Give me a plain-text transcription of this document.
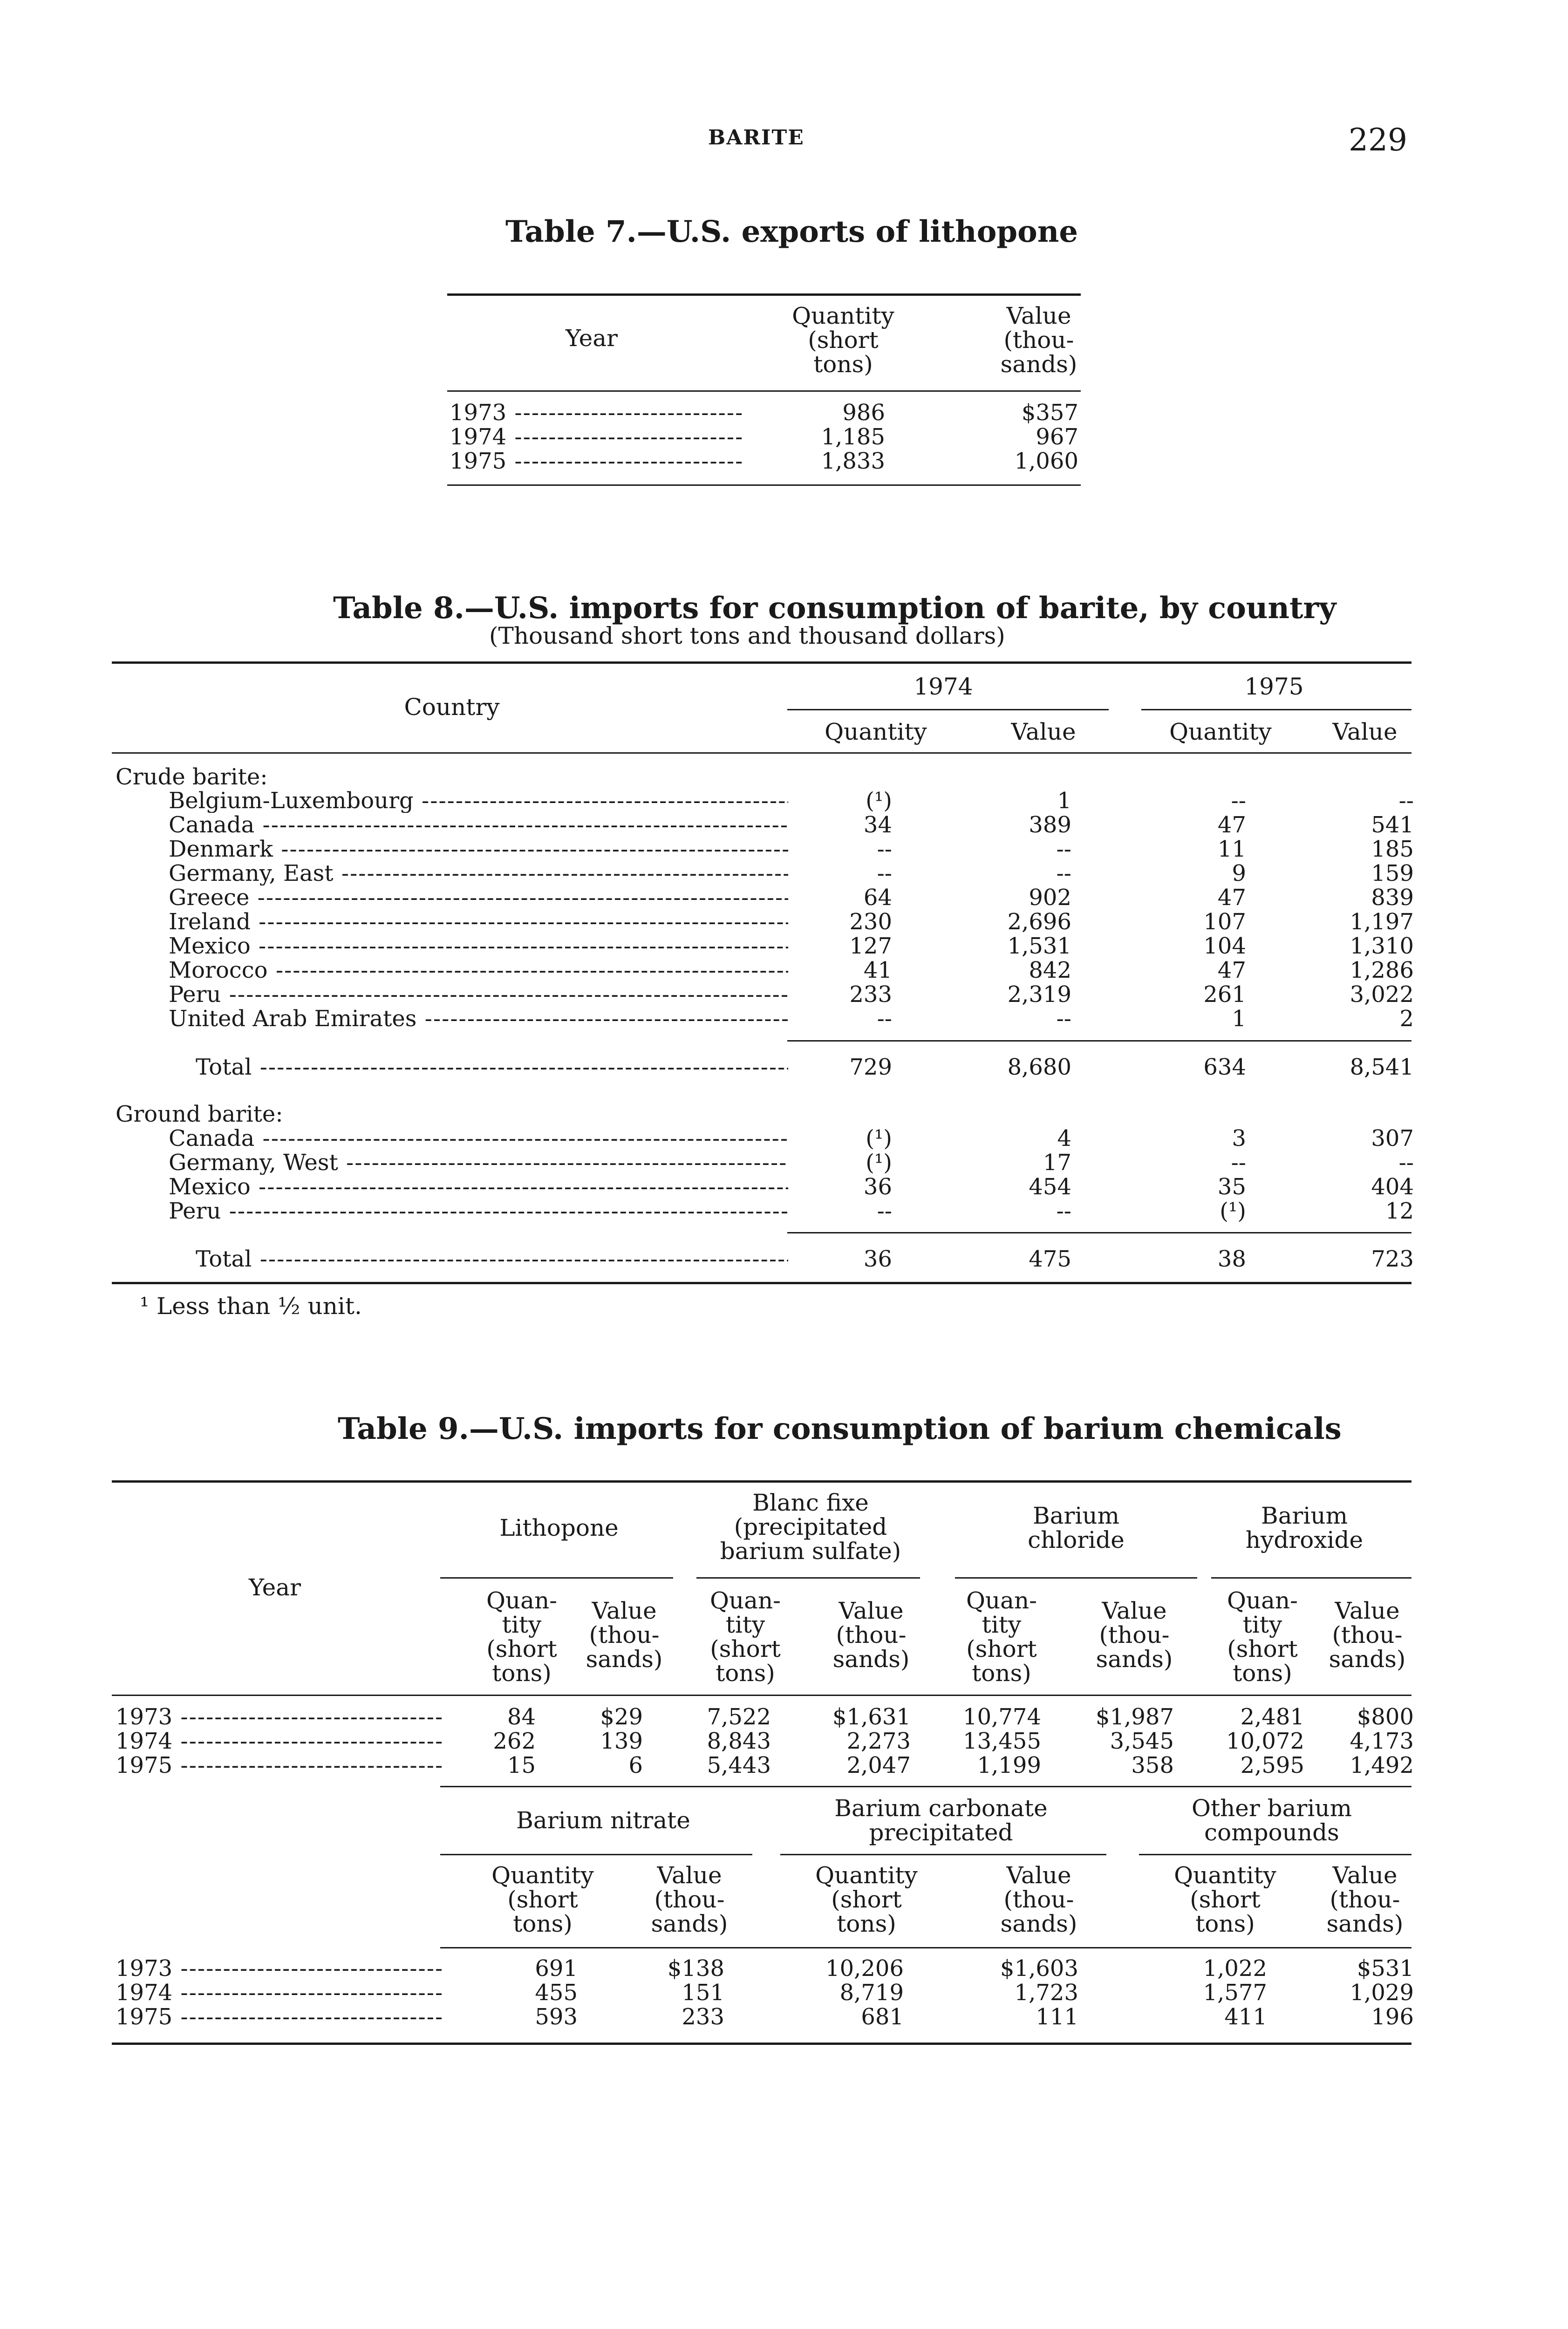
BARITE	229
Table 7.—U.S. exports of lithopone
Year
Quantity
(short
tons)
Value
(thou-
sands)
1973 -----	986	$357
1974 -----	1,185	967
1975 -----	1,833	1,060
Table 8.—U.S. imports for consumption of barite, by country
(Thousand short tons and thousand dollars)
Country
1974	1975
Quantity	Value	Quantity	Value
Crude barite:
Belgium-Luxembourg -----	(¹)	1	--	--
Canada -----	34	389	47	541
Denmark -----	--	--	11	185
Germany, East -----	--	--	9	159
Greece -----	64	902	47	839
Ireland -----	230	2,696	107	1,197
Mexico -----	127	1,531	104	1,310
Morocco -----	41	842	47	1,286
Peru -----	233	2,319	261	3,022
United Arab Emirates -----	--	--	1	2
Total -----	729	8,680	634	8,541
Ground barite:
Canada -----	(¹)	4	3	307
Germany, West -----	(¹)	17	--	--
Mexico -----	36	454	35	404
Peru -----	--	--	(¹)	12
Total -----	36	475	38	723
¹ Less than ½ unit.
Table 9.—U.S. imports for consumption of barium chemicals
Year
Lithopone
Blanc fixe
(precipitated
barium sulfate)
Barium
chloride
Barium
hydroxide
Quan-
tity
(short
tons)
Value
(thou-
sands)
Quan-
tity
(short
tons)
Value
(thou-
sands)
Quan-
tity
(short
tons)
Value
(thou-
sands)
Quan-
tity
(short
tons)
Value
(thou-
sands)
1973 -----	84	$29	7,522	$1,631	10,774	$1,987	2,481	$800
1974 -----	262	139	8,843	2,273	13,455	3,545	10,072	4,173
1975 -----	15	6	5,443	2,047	1,199	358	2,595	1,492
Barium nitrate	Barium carbonate
precipitated
Other barium
compounds
Quantity
(short
tons)
Value
(thou-
sands)
Quantity
(short
tons)
Value
(thou-
sands)
Quantity
(short
tons)
Value
(thou-
sands)
1973 -----	691	$138	10,206	$1,603	1,022	$531
1974 -----	455	151	8,719	1,723	1,577	1,029
1975 -----	593	233	681	111	411	196
